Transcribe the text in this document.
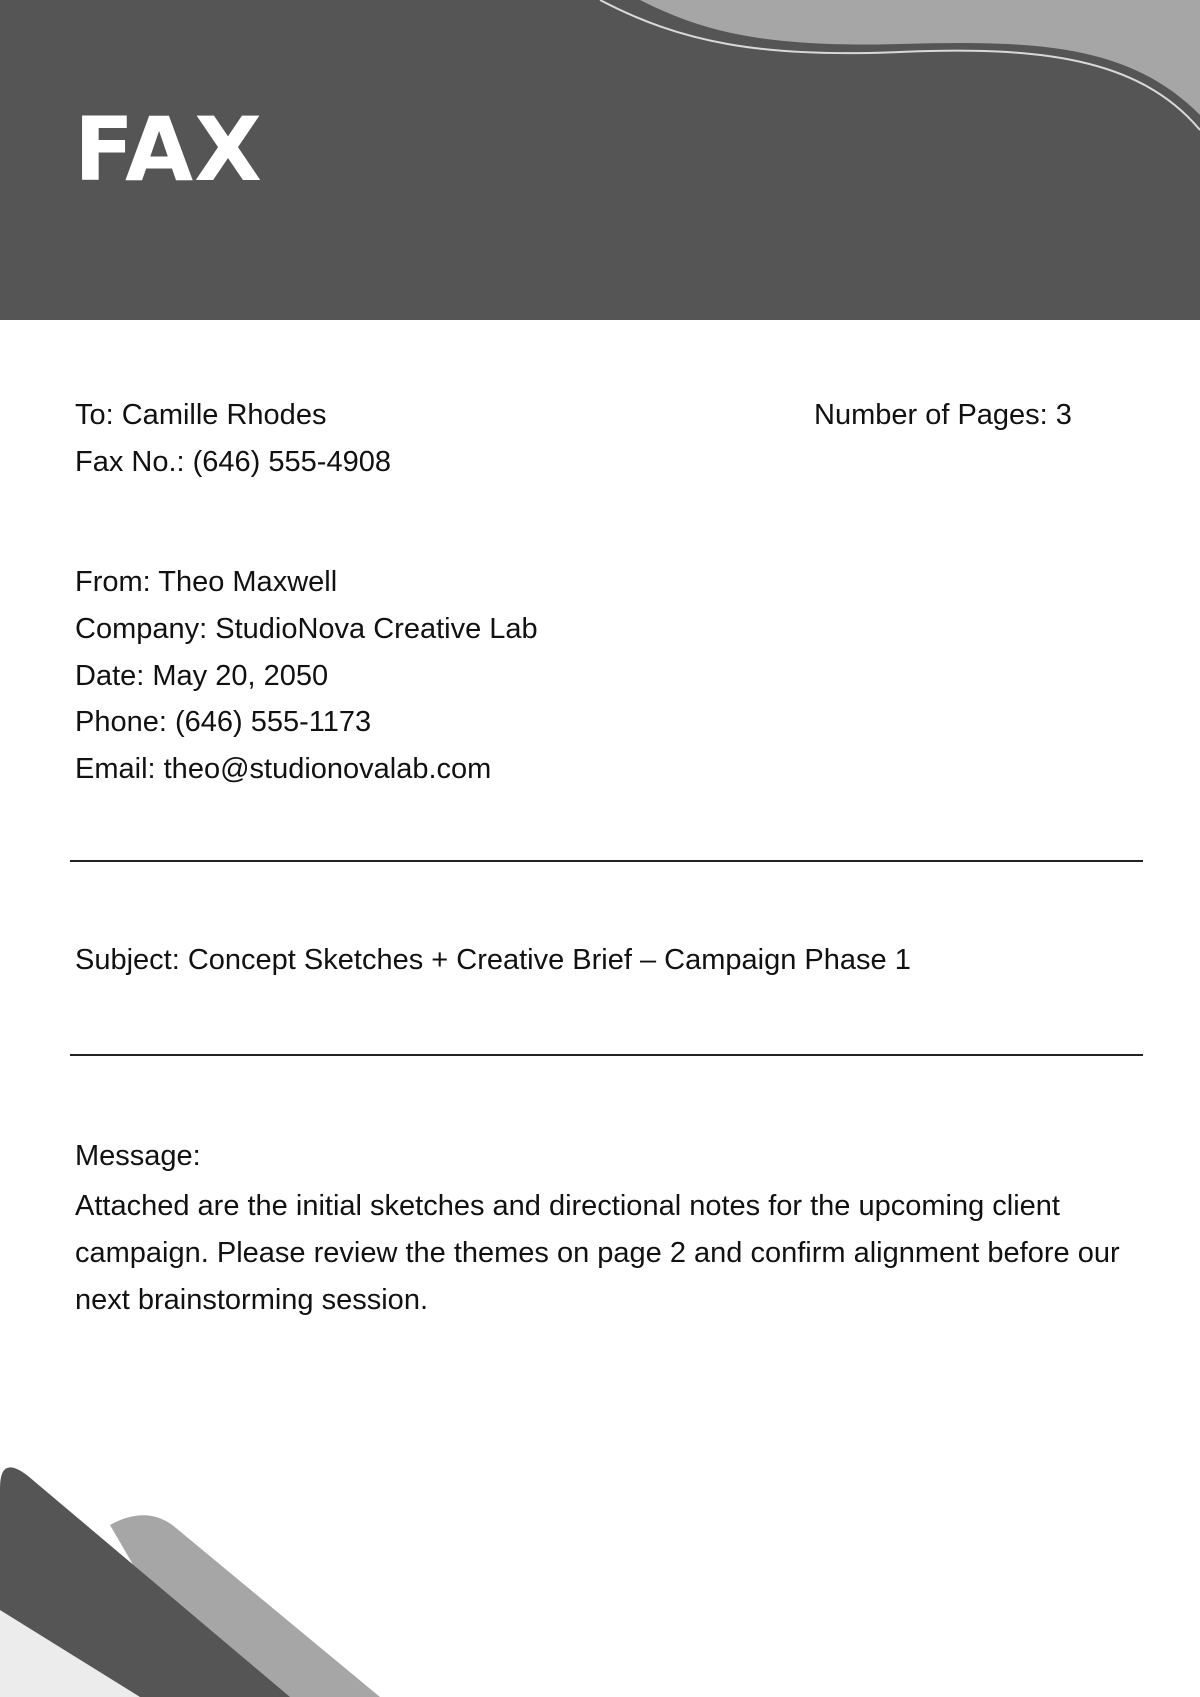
FAX
To: Camille Rhodes
Fax No.: (646) 555-4908
Number of Pages: 3
From: Theo Maxwell
Company: StudioNova Creative Lab
Date: May 20, 2050
Phone: (646) 555-1173
Email: theo@studionovalab.com
Subject: Concept Sketches + Creative Brief – Campaign Phase 1
Message:

Attached are the initial sketches and directional notes for the upcoming client campaign. Please review the themes on page 2 and confirm alignment before our next brainstorming session.
